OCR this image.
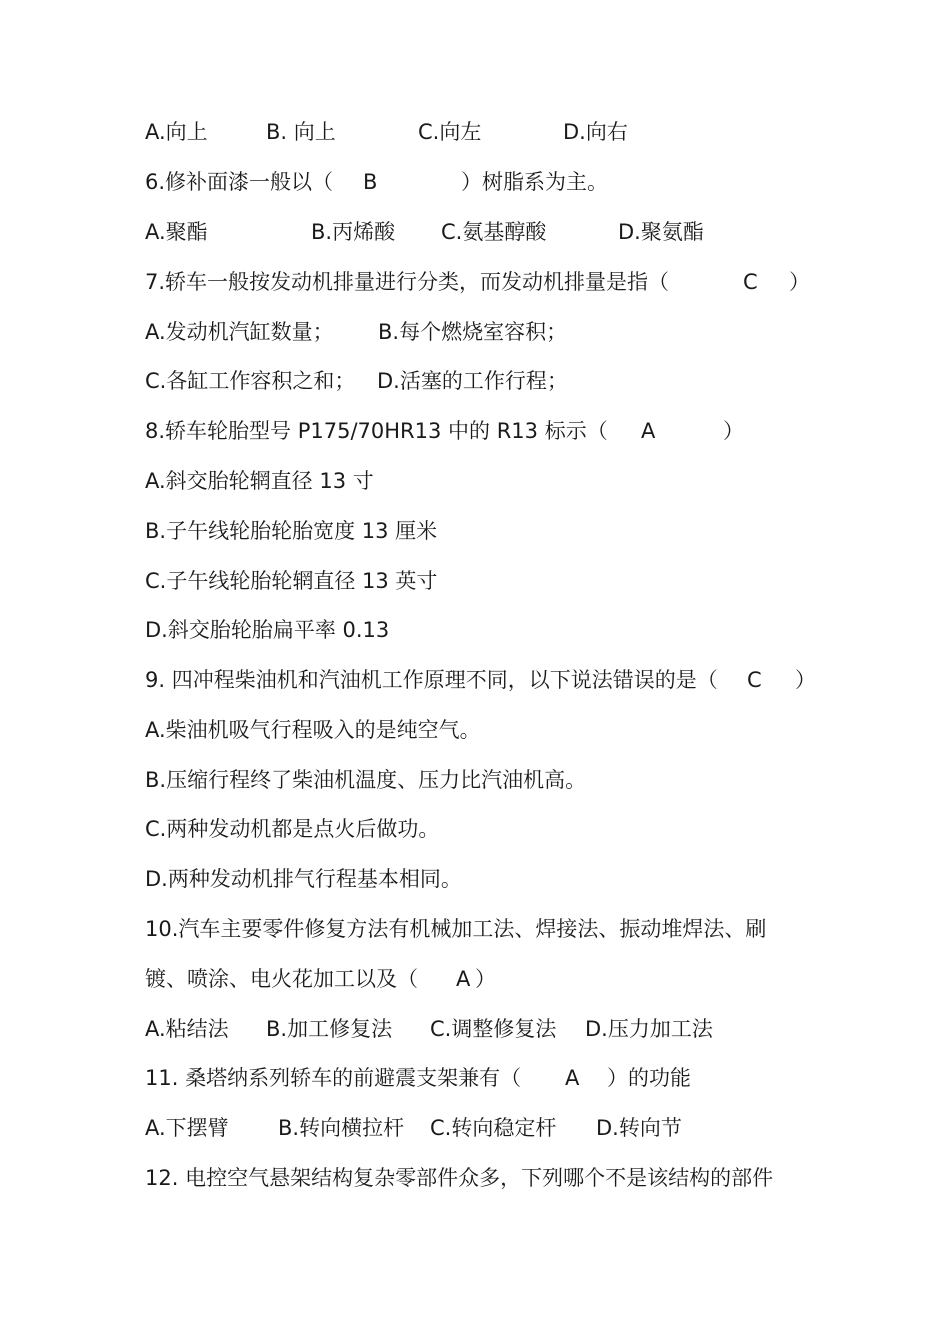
A.向上	B. 向上	C.向左	D.向右
6.修补面漆一般以（ B	）树脂系为主。
A.聚酯	B.丙烯酸 C.氨基醇酸	D.聚氨酯
7.轿车一般按发动机排量进行分类，而发动机排量是指（	C ）
A.发动机汽缸数量； B.每个燃烧室容积；
C.各缸工作容积之和； D.活塞的工作行程；
8.轿车轮胎型号 P175/70HR13 中的 R13 标示（ A	）
A.斜交胎轮辋直径 13 寸
B.子午线轮胎轮胎宽度 13 厘米
C.子午线轮胎轮辋直径 13 英寸
D.斜交胎轮胎扁平率 0.13
9. 四冲程柴油机和汽油机工作原理不同，以下说法错误的是（ C ）
A.柴油机吸气行程吸入的是纯空气。
B.压缩行程终了柴油机温度、压力比汽油机高。
C.两种发动机都是点火后做功。
D.两种发动机排气行程基本相同。
10.汽车主要零件修复方法有机械加工法、焊接法、振动堆焊法、刷
镀、喷涂、电火花加工以及（ A ）
A.粘结法 B.加工修复法 C.调整修复法 D.压力加工法
11. 桑塔纳系列轿车的前避震支架兼有（ A ）的功能
A.下摆臂 B.转向横拉杆 C.转向稳定杆 D.转向节
12. 电控空气悬架结构复杂零部件众多，下列哪个不是该结构的部件
